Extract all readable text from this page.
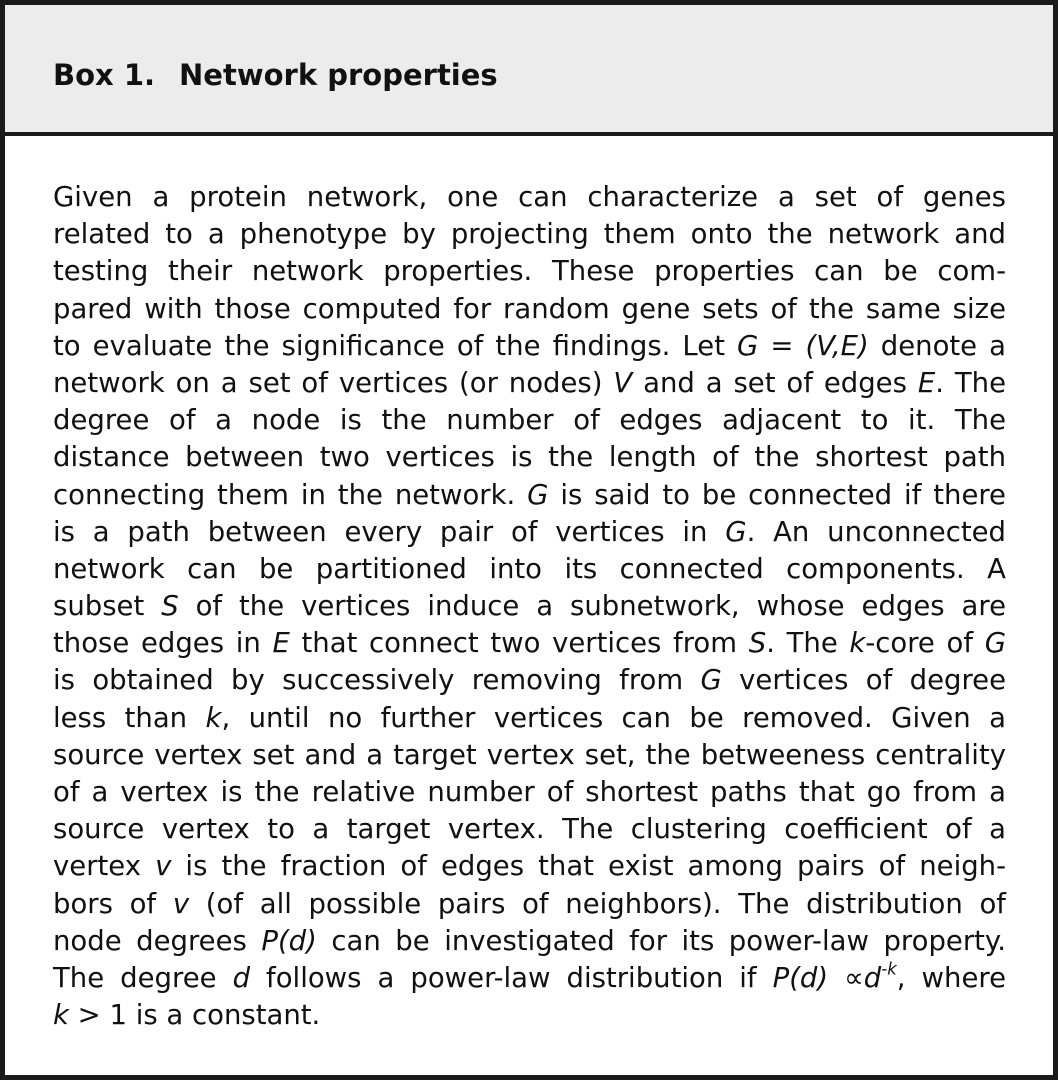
Box 1. Network properties
Given a protein network, one can characterize a set of genes
related to a phenotype by projecting them onto the network and
testing their network properties. These properties can be com-
pared with those computed for random gene sets of the same size
to evaluate the significance of the findings. Let G = (V,E) denote a
network on a set of vertices (or nodes) V and a set of edges E. The
degree of a node is the number of edges adjacent to it. The
distance between two vertices is the length of the shortest path
connecting them in the network. G is said to be connected if there
is a path between every pair of vertices in G. An unconnected
network can be partitioned into its connected components. A
subset S of the vertices induce a subnetwork, whose edges are
those edges in E that connect two vertices from S. The k-core of G
is obtained by successively removing from G vertices of degree
less than k, until no further vertices can be removed. Given a
source vertex set and a target vertex set, the betweeness centrality
of a vertex is the relative number of shortest paths that go from a
source vertex to a target vertex. The clustering coefficient of a
vertex v is the fraction of edges that exist among pairs of neigh-
bors of v (of all possible pairs of neighbors). The distribution of
node degrees P(d) can be investigated for its power-law property.
The degree d follows a power-law distribution if $P(d) \propto d^{-k}$, where
k > 1 is a constant.
